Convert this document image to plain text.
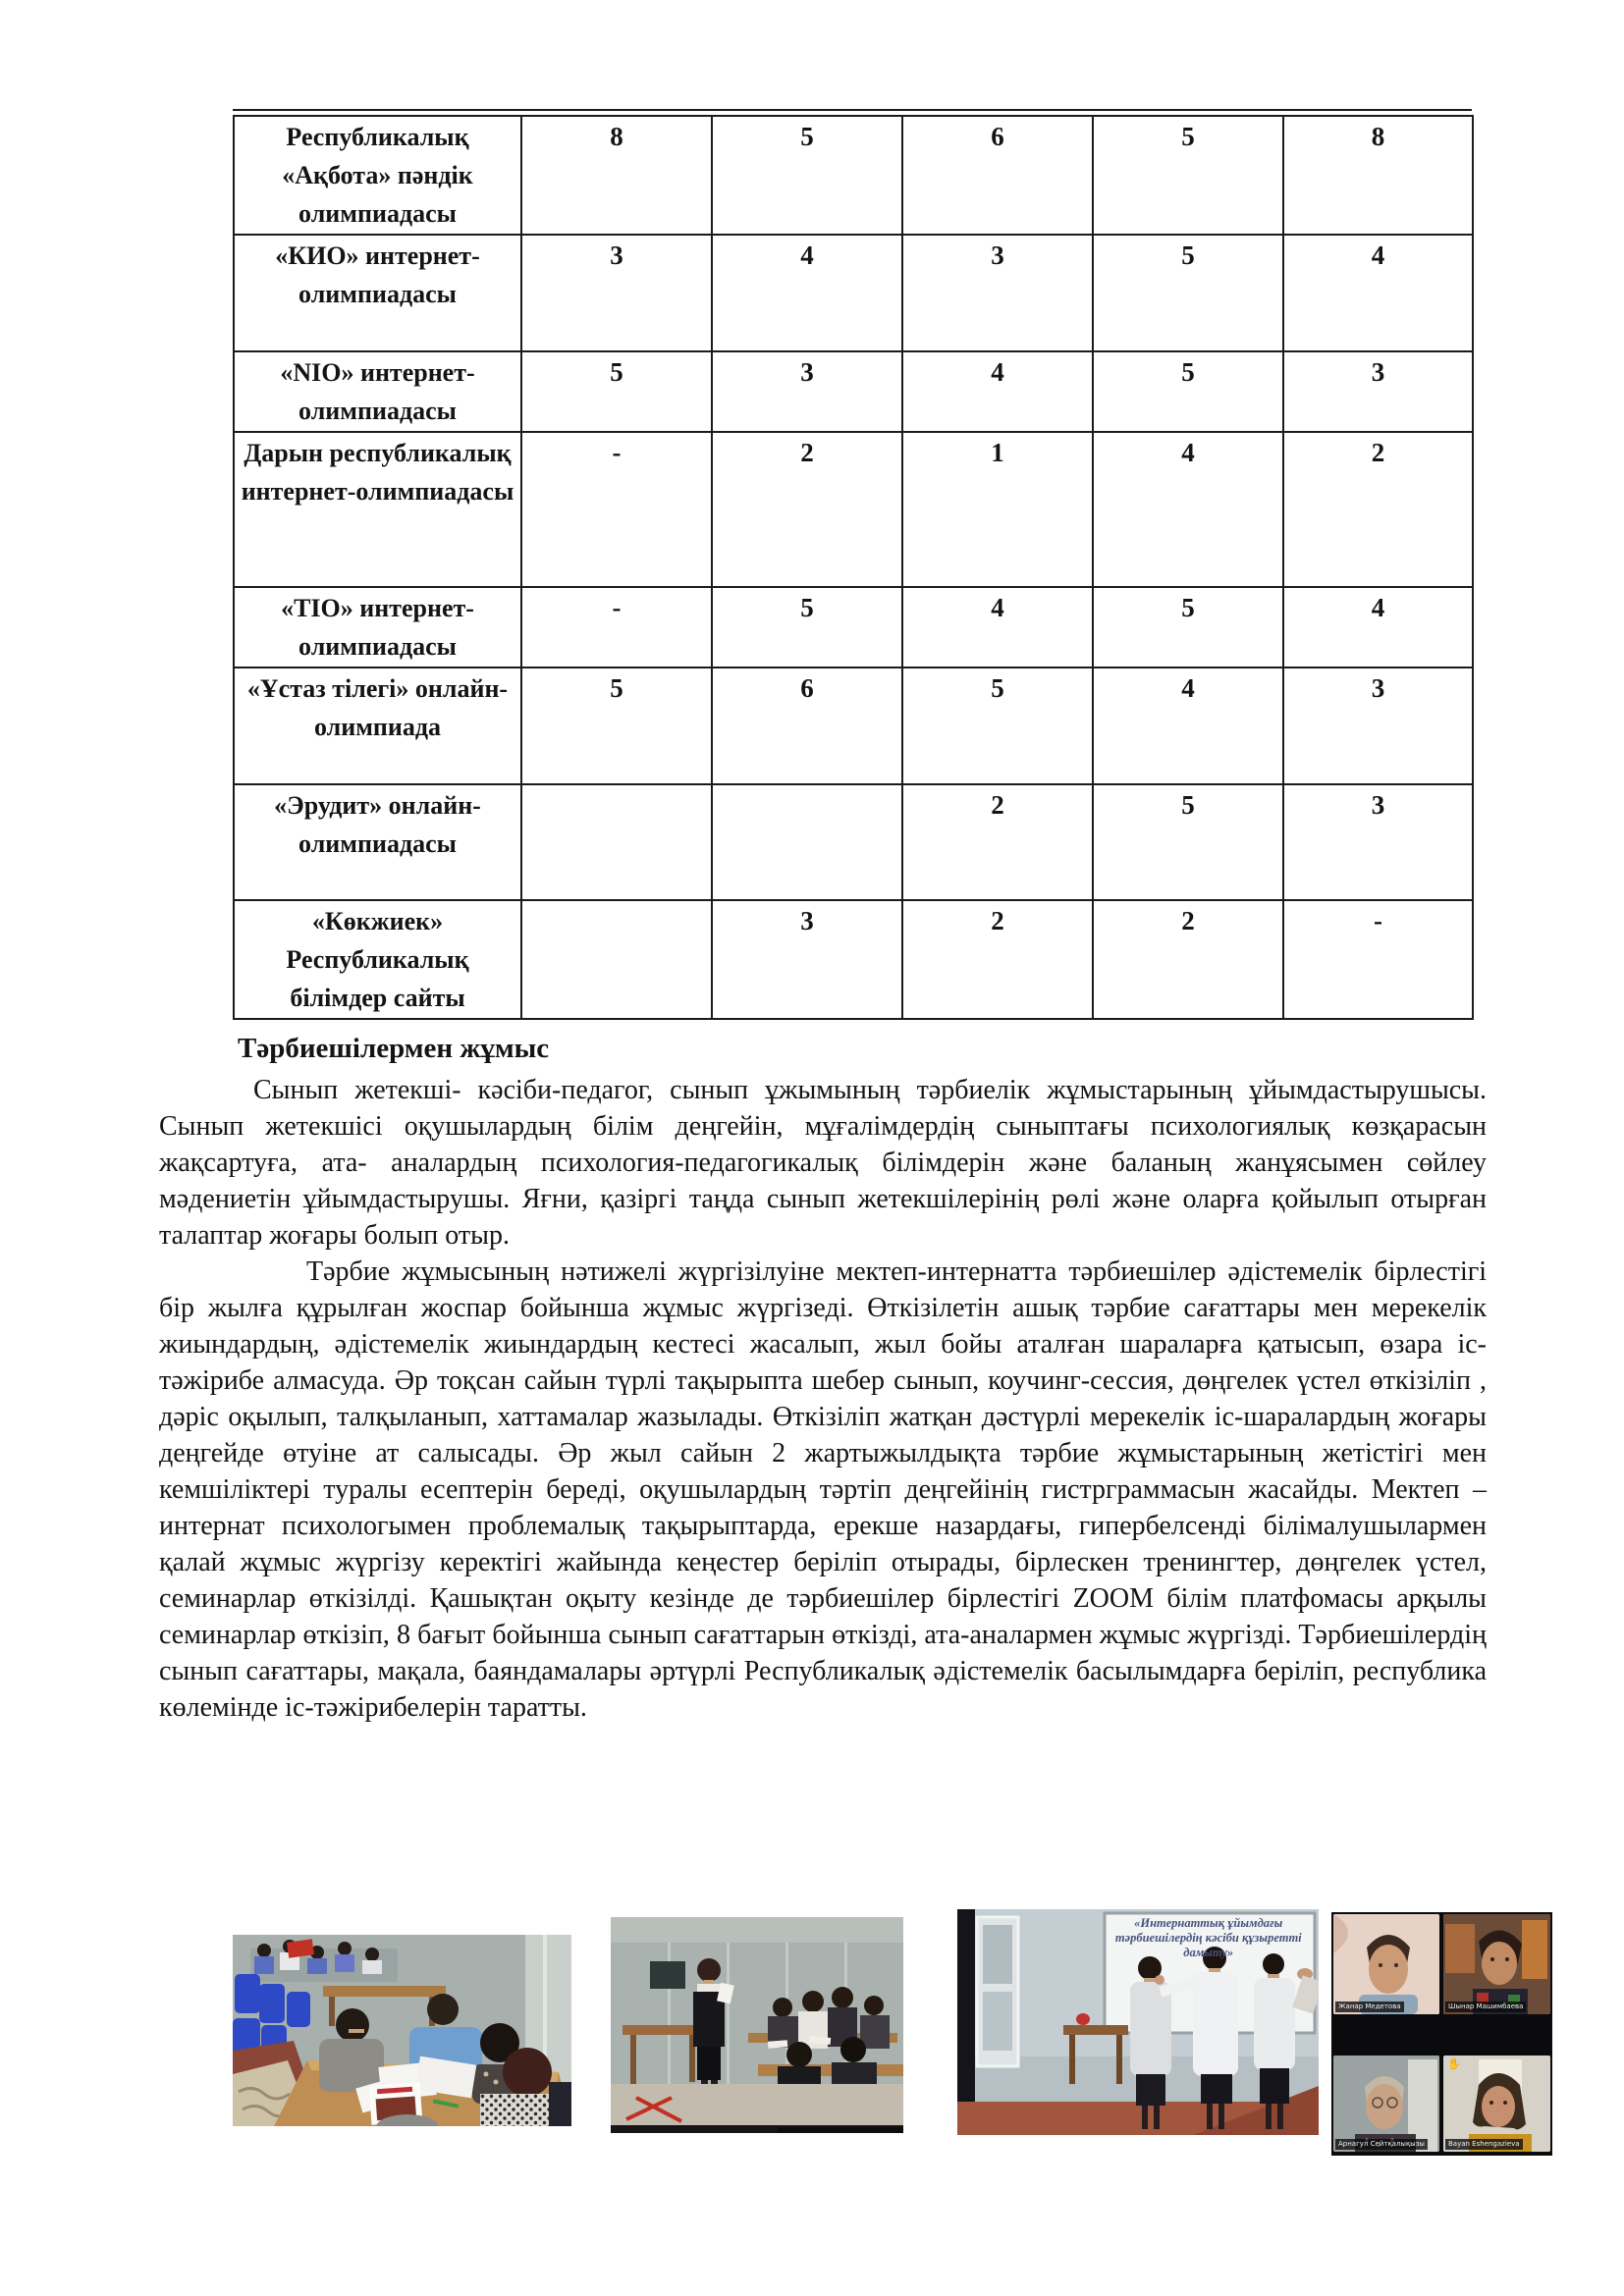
Республикалық «Ақбота» пәндік олимпиадасы	8	5	6	5	8
«КИО» интернет-олимпиадасы	3	4	3	5	4
«NIO» интернет-олимпиадасы	5	3	4	5	3
Дарын республикалық интернет-олимпиадасы	-	2	1	4	2
«ТІО» интернет-олимпиадасы	-	5	4	5	4
«Ұстаз тілегі» онлайн-олимпиада	5	6	5	4	3
«Эрудит» онлайн-олимпиадасы			2	5	3
«Көкжиек» Республикалық білімдер сайты		3	2	2	-
Тәрбиешілермен жұмыс

Сынып жетекші- кәсіби-педагог, сынып ұжымының тәрбиелік жұмыстарының ұйымдастырушысы. Сынып жетекшісі оқушылардың білім деңгейін, мұғалімдердің сыныптағы психологиялық көзқарасын жақсартуға, ата- аналардың психология-педагогикалық білімдерін және баланың жанұясымен сөйлеу мәдениетін ұйымдастырушы. Яғни, қазіргі таңда сынып жетекшілерінің рөлі және оларға қойылып отырған талаптар жоғары болып отыр.

Тәрбие жұмысының нәтижелі жүргізілуіне мектеп-интернатта тәрбиешілер әдістемелік бірлестігі бір жылға құрылған жоспар бойынша жұмыс жүргізеді. Өткізілетін ашық тәрбие сағаттары мен мерекелік жиындардың, әдістемелік жиындардың кестесі жасалып, жыл бойы аталған шараларға қатысып, өзара іс-тәжірибе алмасуда. Әр тоқсан сайын түрлі тақырыпта шебер сынып, коучинг-сессия, дөңгелек үстел өткізіліп , дәріс оқылып, талқыланып, хаттамалар жазылады. Өткізіліп жатқан дәстүрлі мерекелік іс-шаралардың жоғары деңгейде өтуіне ат салысады. Әр жыл сайын 2 жартыжылдықта тәрбие жұмыстарының жетістігі мен кемшіліктері туралы есептерін береді, оқушылардың тәртіп деңгейінің гистрграммасын жасайды. Мектеп –интернат психологымен проблемалық тақырыптарда, ерекше назардағы, гипербелсенді білімалушылармен қалай жұмыс жүргізу керектігі жайында кеңестер беріліп отырады, бірлескен тренингтер, дөңгелек үстел, семинарлар өткізілді. Қашықтан оқыту кезінде де тәрбиешілер бірлестігі ZOOM білім платфомасы арқылы семинарлар өткізіп, 8 бағыт бойынша сынып сағаттарын өткізді, ата-аналармен жұмыс жүргізді. Тәрбиешілердің сынып сағаттары, мақала, баяндамалары әртүрлі Республикалық әдістемелік басылымдарға беріліп, республика көлемінде іс-тәжірибелерін таратты.

«Интернаттық ұйымдағы тәрбиешілердің кәсіби құзыретті дамыту»
Жанар Медетова	Шынар Машимбаева
Арнагул Сейтқалықызы
✋
Bayan Eshengazieva
